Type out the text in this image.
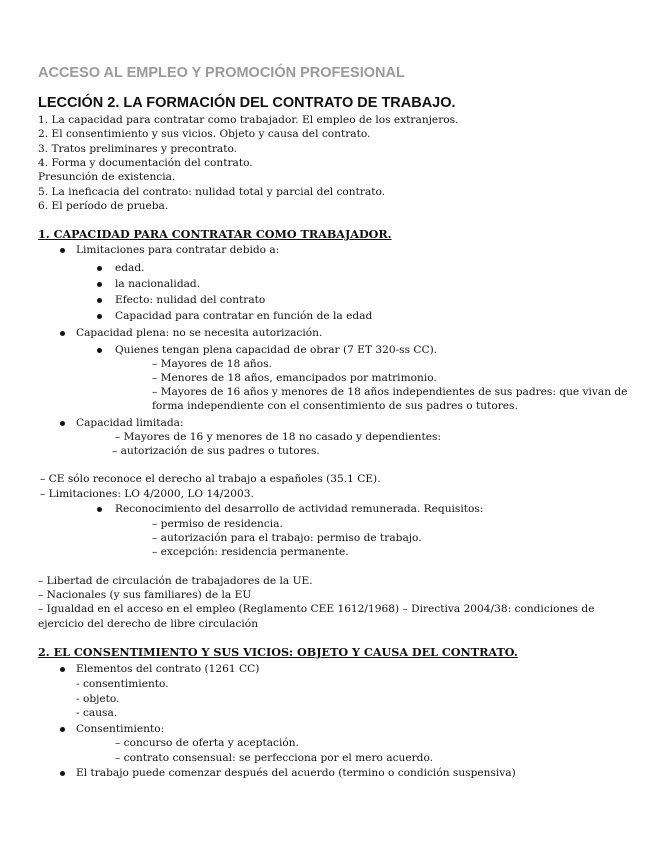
ACCESO AL EMPLEO Y PROMOCIÓN PROFESIONAL
LECCIÓN 2. LA FORMACIÓN DEL CONTRATO DE TRABAJO.
1. La capacidad para contratar como trabajador. El empleo de los extranjeros.
2. El consentimiento y sus vicios. Objeto y causa del contrato.
3. Tratos preliminares y precontrato.
4. Forma y documentación del contrato.
Presunción de existencia.
5. La ineficacia del contrato: nulidad total y parcial del contrato.
6. El período de prueba.
1. CAPACIDAD PARA CONTRATAR COMO TRABAJADOR.
Limitaciones para contratar debido a:
edad.
la nacionalidad.
Efecto: nulidad del contrato
Capacidad para contratar en función de la edad
Capacidad plena: no se necesita autorización.
Quienes tengan plena capacidad de obrar (7 ET 320-ss CC).
– Mayores de 18 años.
– Menores de 18 años, emancipados por matrimonio.
– Mayores de 16 años y menores de 18 años independientes de sus padres: que vivan de
forma independiente con el consentimiento de sus padres o tutores.
Capacidad limitada:
– Mayores de 16 y menores de 18 no casado y dependientes:
– autorización de sus padres o tutores.
– CE sólo reconoce el derecho al trabajo a españoles (35.1 CE).
– Limitaciones: LO 4/2000, LO 14/2003.
Reconocimiento del desarrollo de actividad remunerada. Requisitos:
– permiso de residencia.
– autorización para el trabajo: permiso de trabajo.
– excepción: residencia permanente.
– Libertad de circulación de trabajadores de la UE.
– Nacionales (y sus familiares) de la EU
– Igualdad en el acceso en el empleo (Reglamento CEE 1612/1968) – Directiva 2004/38: condiciones de
ejercicio del derecho de libre circulación
2. EL CONSENTIMIENTO Y SUS VICIOS: OBJETO Y CAUSA DEL CONTRATO.
Elementos del contrato (1261 CC)
- consentimiento.
- objeto.
- causa.
Consentimiento:
– concurso de oferta y aceptación.
– contrato consensual: se perfecciona por el mero acuerdo.
El trabajo puede comenzar después del acuerdo (termino o condición suspensiva)
